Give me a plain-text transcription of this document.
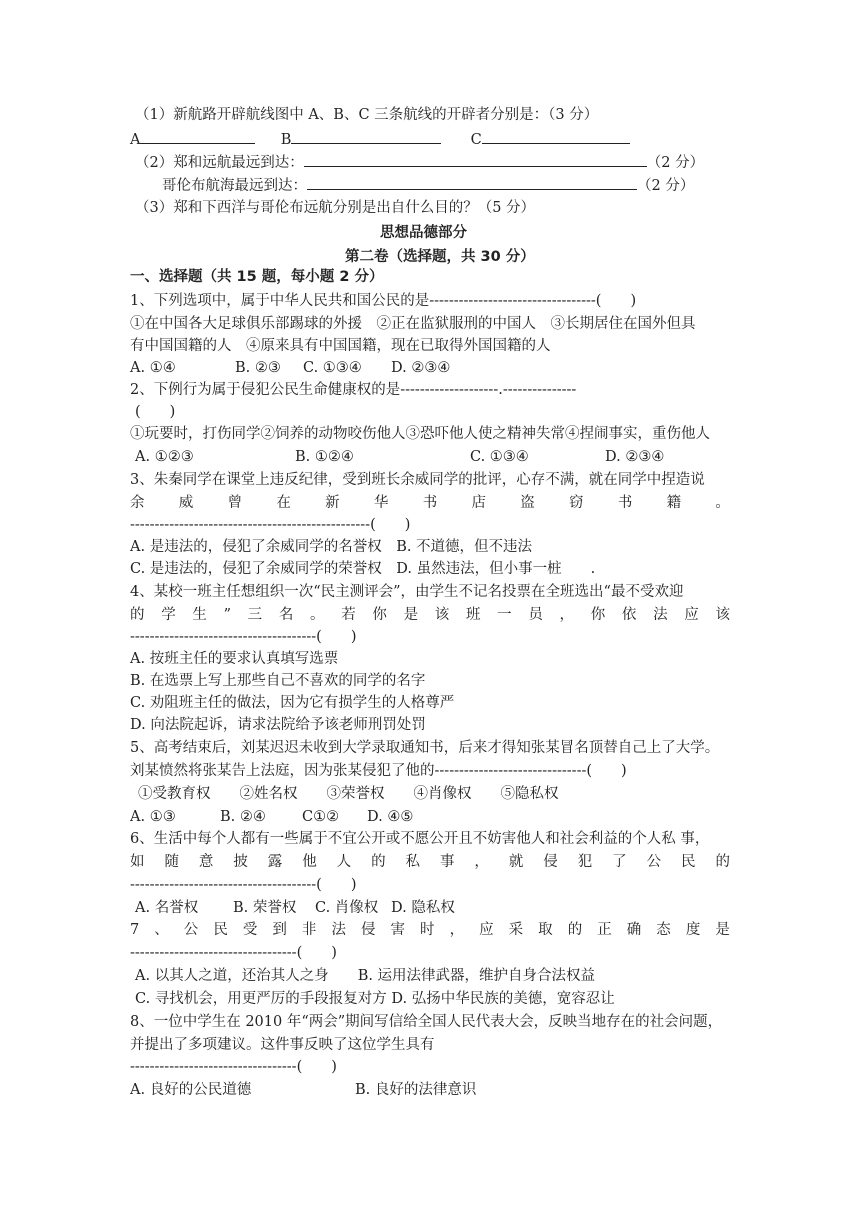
（1）新航路开辟航线图中 A、B、C 三条航线的开辟者分别是：（3 分）
A	B	C
（2）郑和远航最远到达：	（2 分）
哥伦布航海最远到达：	（2 分）
（3）郑和下西洋与哥伦布远航分别是出自什么目的？（5 分）
思想品德部分
第二卷（选择题，共 30 分）
一、选择题（共 15 题，每小题 2 分）
1、下列选项中，属于中华人民共和国公民的是----------------------------------(　　)
①在中国各大足球俱乐部踢球的外援　②正在监狱服刑的中国人　③长期居住在国外但具
有中国国籍的人　④原来具有中国国籍，现在已取得外国国籍的人
A. ①④	B. ②③ C. ①③④ D. ②③④
2、下例行为属于侵犯公民生命健康权的是--------------------.---------------
(　　)
①玩要时，打伤同学②饲养的动物咬伤他人③恐吓他人使之精神失常④捏闹事实，重伤他人
A. ①②③	B. ①②④	C. ①③④	D. ②③④
3、朱秦同学在课堂上违反纪律，受到班长余威同学的批评，心存不满，就在同学中捏造说
余 威 曾 在 新 华 书 店 盗 窃 书 籍 。
-------------------------------------------------(　　)
A. 是违法的，侵犯了余威同学的名誉权　B. 不道德，但不违法
C. 是违法的，侵犯了余威同学的荣誉权　D. 虽然违法，但小事一桩　　.
4、某校一班主任想组织一次“民主测评会”，由学生不记名投票在全班选出“最不受欢迎
的 学 生 ” 三 名 。 若 你 是 该 班 一 员 ， 你 依 法 应 该
--------------------------------------(　　)
A. 按班主任的要求认真填写选票
B. 在选票上写上那些自己不喜欢的同学的名字
C. 劝阻班主任的做法，因为它有损学生的人格尊严
D. 向法院起诉，请求法院给予该老师刑罚处罚
5、高考结束后，刘某迟迟未收到大学录取通知书，后来才得知张某冒名顶替自己上了大学。
刘某愤然将张某告上法庭，因为张某侵犯了他的-------------------------------(　　)
①受教育权　　②姓名权　　③荣誉权　　④肖像权　　⑤隐私权
A. ①③	B. ②④ C①② D. ④⑤
6、生活中每个人都有一些属于不宜公开或不愿公开且不妨害他人和社会利益的个人私 事，
如 随 意 披 露 他 人 的 私 事 ， 就 侵 犯 了 公 民 的
--------------------------------------(　　)
A. 名誉权 B. 荣誉权 C. 肖像权 D. 隐私权
7 、 公 民 受 到 非 法 侵 害 时 ， 应 采 取 的 正 确 态 度 是
----------------------------------(　　)
A. 以其人之道，还治其人之身　　B. 运用法律武器，维护自身合法权益
C. 寻找机会，用更严厉的手段报复对方 D. 弘扬中华民族的美德，宽容忍让
8、一位中学生在 2010 年“两会”期间写信给全国人民代表大会，反映当地存在的社会问题，
并提出了多项建议。这件事反映了这位学生具有
----------------------------------(　　)
A. 良好的公民道德	B. 良好的法律意识
